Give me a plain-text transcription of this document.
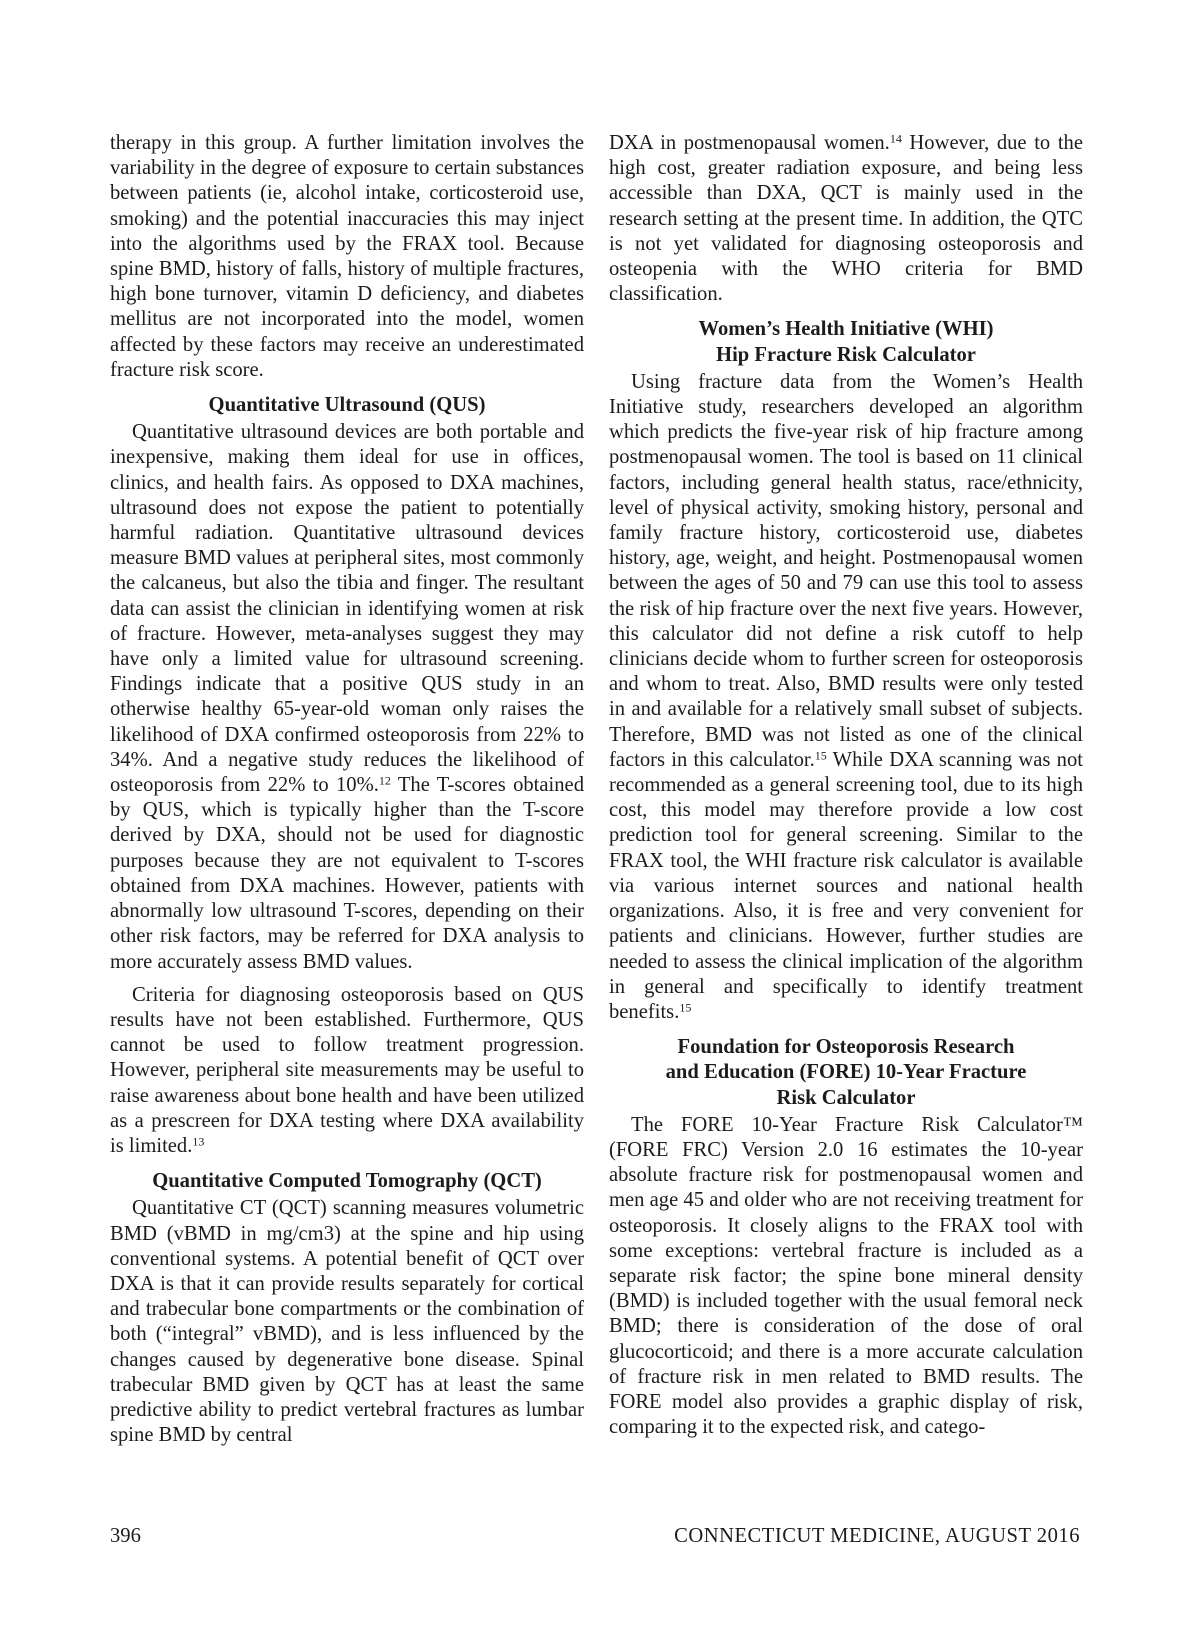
therapy in this group. A further limitation involves the variability in the degree of exposure to certain substances between patients (ie, alcohol intake, corticosteroid use, smoking) and the potential inaccuracies this may inject into the algorithms used by the FRAX tool. Because spine BMD, history of falls, history of multiple fractures, high bone turnover, vitamin D deficiency, and diabetes mellitus are not incorporated into the model, women affected by these factors may receive an underestimated fracture risk score.

Quantitative Ultrasound (QUS)

Quantitative ultrasound devices are both portable and inexpensive, making them ideal for use in offices, clinics, and health fairs. As opposed to DXA machines, ultrasound does not expose the patient to potentially harmful radiation. Quantitative ultrasound devices measure BMD values at peripheral sites, most commonly the calcaneus, but also the tibia and finger. The resultant data can assist the clinician in identifying women at risk of fracture. However, meta-analyses suggest they may have only a limited value for ultrasound screening. Findings indicate that a positive QUS study in an otherwise healthy 65-year-old woman only raises the likelihood of DXA confirmed osteoporosis from 22% to 34%. And a negative study reduces the likelihood of osteoporosis from 22% to 10%.$^{12}$ The T-scores obtained by QUS, which is typically higher than the T-score derived by DXA, should not be used for diagnostic purposes because they are not equivalent to T-scores obtained from DXA machines. However, patients with abnormally low ultrasound T-scores, depending on their other risk factors, may be referred for DXA analysis to more accurately assess BMD values.

Criteria for diagnosing osteoporosis based on QUS results have not been established. Furthermore, QUS cannot be used to follow treatment progression. However, peripheral site measurements may be useful to raise awareness about bone health and have been utilized as a prescreen for DXA testing where DXA availability is limited.$^{13}$

Quantitative Computed Tomography (QCT)

Quantitative CT (QCT) scanning measures volumetric BMD (vBMD in mg/cm3) at the spine and hip using conventional systems. A potential benefit of QCT over DXA is that it can provide results separately for cortical and trabecular bone compartments or the combination of both (“integral” vBMD), and is less influenced by the changes caused by degenerative bone disease. Spinal trabecular BMD given by QCT has at least the same predictive ability to predict vertebral fractures as lumbar spine BMD by central

DXA in postmenopausal women.$^{14}$ However, due to the high cost, greater radiation exposure, and being less accessible than DXA, QCT is mainly used in the research setting at the present time. In addition, the QTC is not yet validated for diagnosing osteoporosis and osteopenia with the WHO criteria for BMD classification.

Women’s Health Initiative (WHI)
Hip Fracture Risk Calculator

Using fracture data from the Women’s Health Initiative study, researchers developed an algorithm which predicts the five-year risk of hip fracture among postmenopausal women. The tool is based on 11 clinical factors, including general health status, race/ethnicity, level of physical activity, smoking history, personal and family fracture history, corticosteroid use, diabetes history, age, weight, and height. Postmenopausal women between the ages of 50 and 79 can use this tool to assess the risk of hip fracture over the next five years. However, this calculator did not define a risk cutoff to help clinicians decide whom to further screen for osteoporosis and whom to treat. Also, BMD results were only tested in and available for a relatively small subset of subjects. Therefore, BMD was not listed as one of the clinical factors in this calculator.$^{15}$ While DXA scanning was not recommended as a general screening tool, due to its high cost, this model may therefore provide a low cost prediction tool for general screening. Similar to the FRAX tool, the WHI fracture risk calculator is available via various internet sources and national health organizations. Also, it is free and very convenient for patients and clinicians. However, further studies are needed to assess the clinical implication of the algorithm in general and specifically to identify treatment benefits.$^{15}$

Foundation for Osteoporosis Research
and Education (FORE) 10-Year Fracture
Risk Calculator

The FORE 10-Year Fracture Risk Calculator™ (FORE FRC) Version 2.0 16 estimates the 10-year absolute fracture risk for postmenopausal women and men age 45 and older who are not receiving treatment for osteoporosis. It closely aligns to the FRAX tool with some exceptions: vertebral fracture is included as a separate risk factor; the spine bone mineral density (BMD) is included together with the usual femoral neck BMD; there is consideration of the dose of oral glucocorticoid; and there is a more accurate calculation of fracture risk in men related to BMD results. The FORE model also provides a graphic display of risk, comparing it to the expected risk, and catego-

396	CONNECTICUT MEDICINE, AUGUST 2016
